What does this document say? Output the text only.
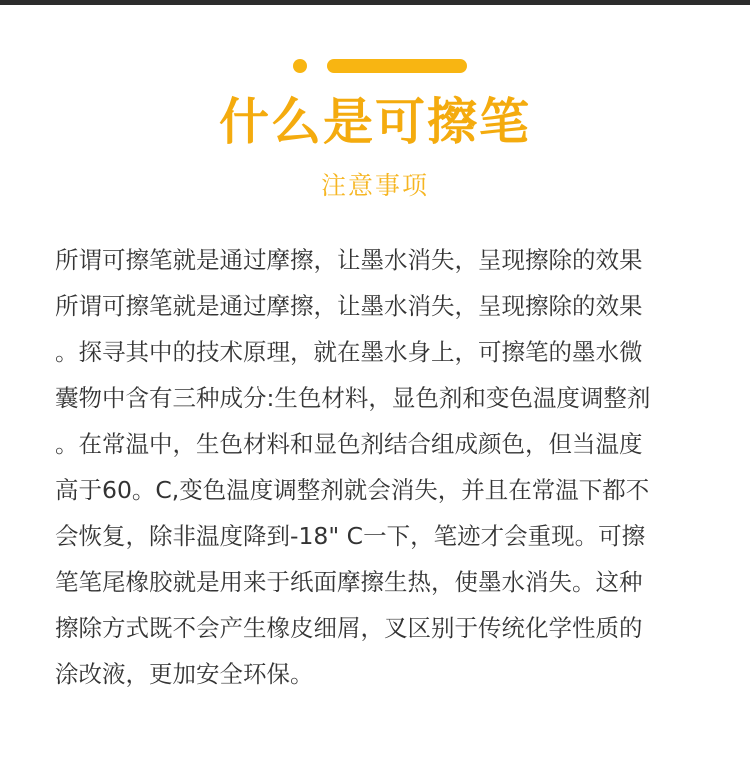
什么是可擦笔

注意事项

所谓可擦笔就是通过摩擦，让墨水消失，呈现擦除的效果
所谓可擦笔就是通过摩擦，让墨水消失，呈现擦除的效果
。探寻其中的技术原理，就在墨水身上，可擦笔的墨水微
囊物中含有三种成分:生色材料，显色剂和变色温度调整剂
。在常温中，生色材料和显色剂结合组成颜色，但当温度
高于60。C,变色温度调整剂就会消失，并且在常温下都不
会恢复，除非温度降到-18" C一下，笔迹才会重现。可擦
笔笔尾橡胶就是用来于纸面摩擦生热，使墨水消失。这种
擦除方式既不会产生橡皮细屑，叉区别于传统化学性质的
涂改液，更加安全环保。
